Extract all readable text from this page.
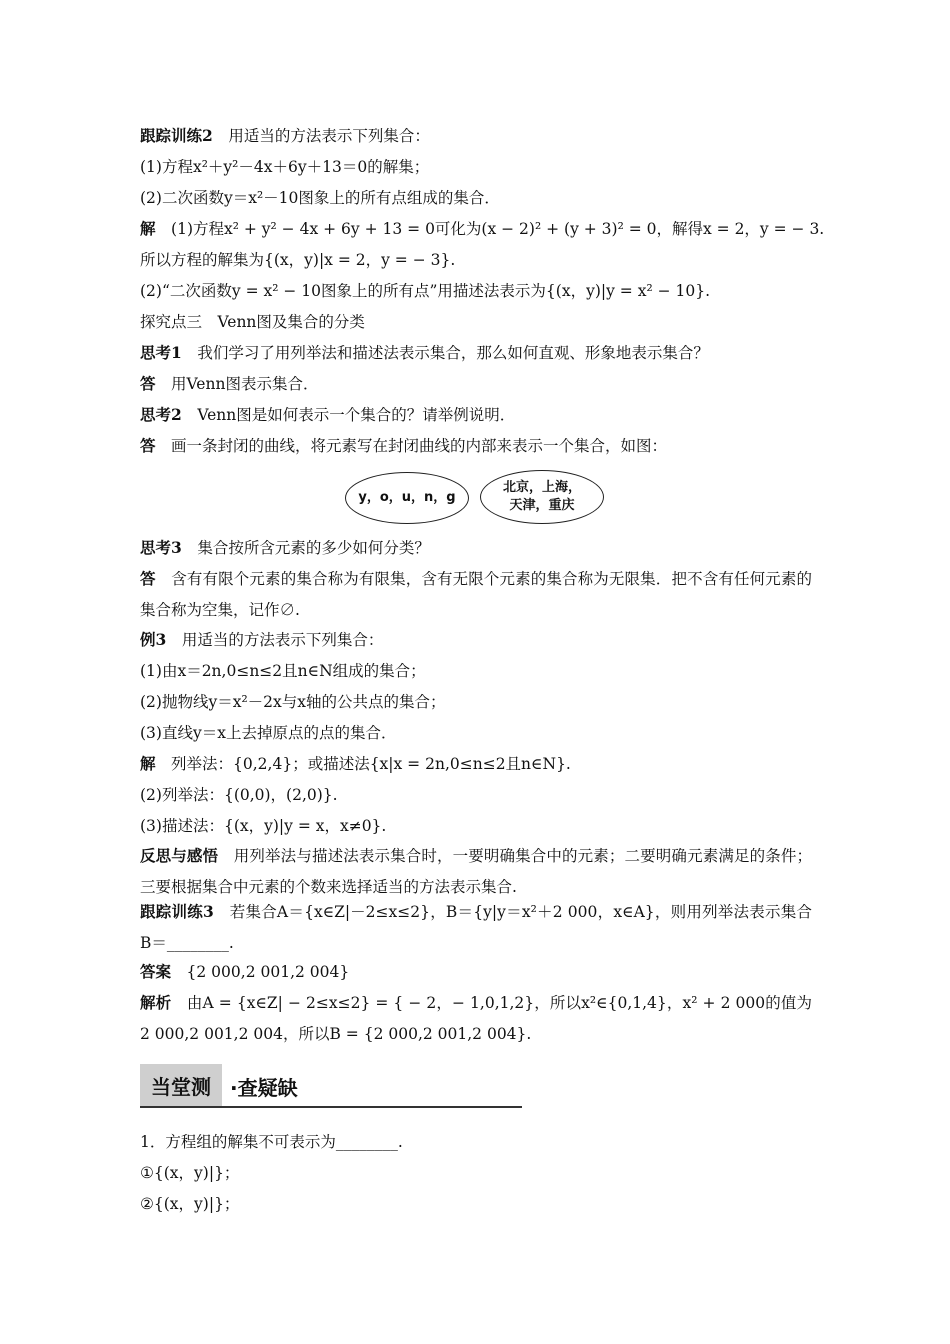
跟踪训练2　 用适当的方法表示下列集合：
(1)方程x²＋y²－4x＋6y＋13＝0的解集；
(2)二次函数y＝x²－10图象上的所有点组成的集合．
解　 (1)方程x² + y² − 4x + 6y + 13 = 0可化为(x − 2)² + (y + 3)² = 0，解得x = 2，y = − 3.
所以方程的解集为{(x，y)|x = 2，y = − 3}.
(2)“二次函数y = x² − 10图象上的所有点”用描述法表示为{(x，y)|y = x² − 10}.
探究点三　Venn图及集合的分类
思考1　 我们学习了用列举法和描述法表示集合，那么如何直观、形象地表示集合？
答　 用Venn图表示集合．
思考2　 Venn图是如何表示一个集合的？请举例说明．
答　 画一条封闭的曲线，将元素写在封闭曲线的内部来表示一个集合，如图：
y，o，u，n，g
北京，上海，
天津，重庆
思考3　 集合按所含元素的多少如何分类？
答　 含有有限个元素的集合称为有限集，含有无限个元素的集合称为无限集．把不含有任何元素的集合称为空集，记作∅.
例3　 用适当的方法表示下列集合：
(1)由x＝2n,0≤n≤2且n∈N组成的集合；
(2)抛物线y＝x²－2x与x轴的公共点的集合；
(3)直线y＝x上去掉原点的点的集合．
解　 列举法：{0,2,4}；或描述法{x|x = 2n,0≤n≤2且n∈N}.
(2)列举法：{(0,0)，(2,0)}.
(3)描述法：{(x，y)|y = x，x≠0}.
反思与感悟　 用列举法与描述法表示集合时，一要明确集合中的元素；二要明确元素满足的条件；三要根据集合中元素的个数来选择适当的方法表示集合.
跟踪训练3　 若集合A＝{x∈Z|－2≤x≤2}，B＝{y|y＝x²＋2 000，x∈A}，则用列举法表示集合B＝________.
答案　 {2 000,2 001,2 004}
解析　 由A = {x∈Z| − 2≤x≤2} = { − 2，− 1,0,1,2}，所以x²∈{0,1,4}，x² + 2 000的值为2 000,2 001,2 004，所以B = {2 000,2 001,2 004}.
当堂测 ·查疑缺
1．方程组的解集不可表示为________.
①{(x，y)|}；
②{(x，y)|}；
